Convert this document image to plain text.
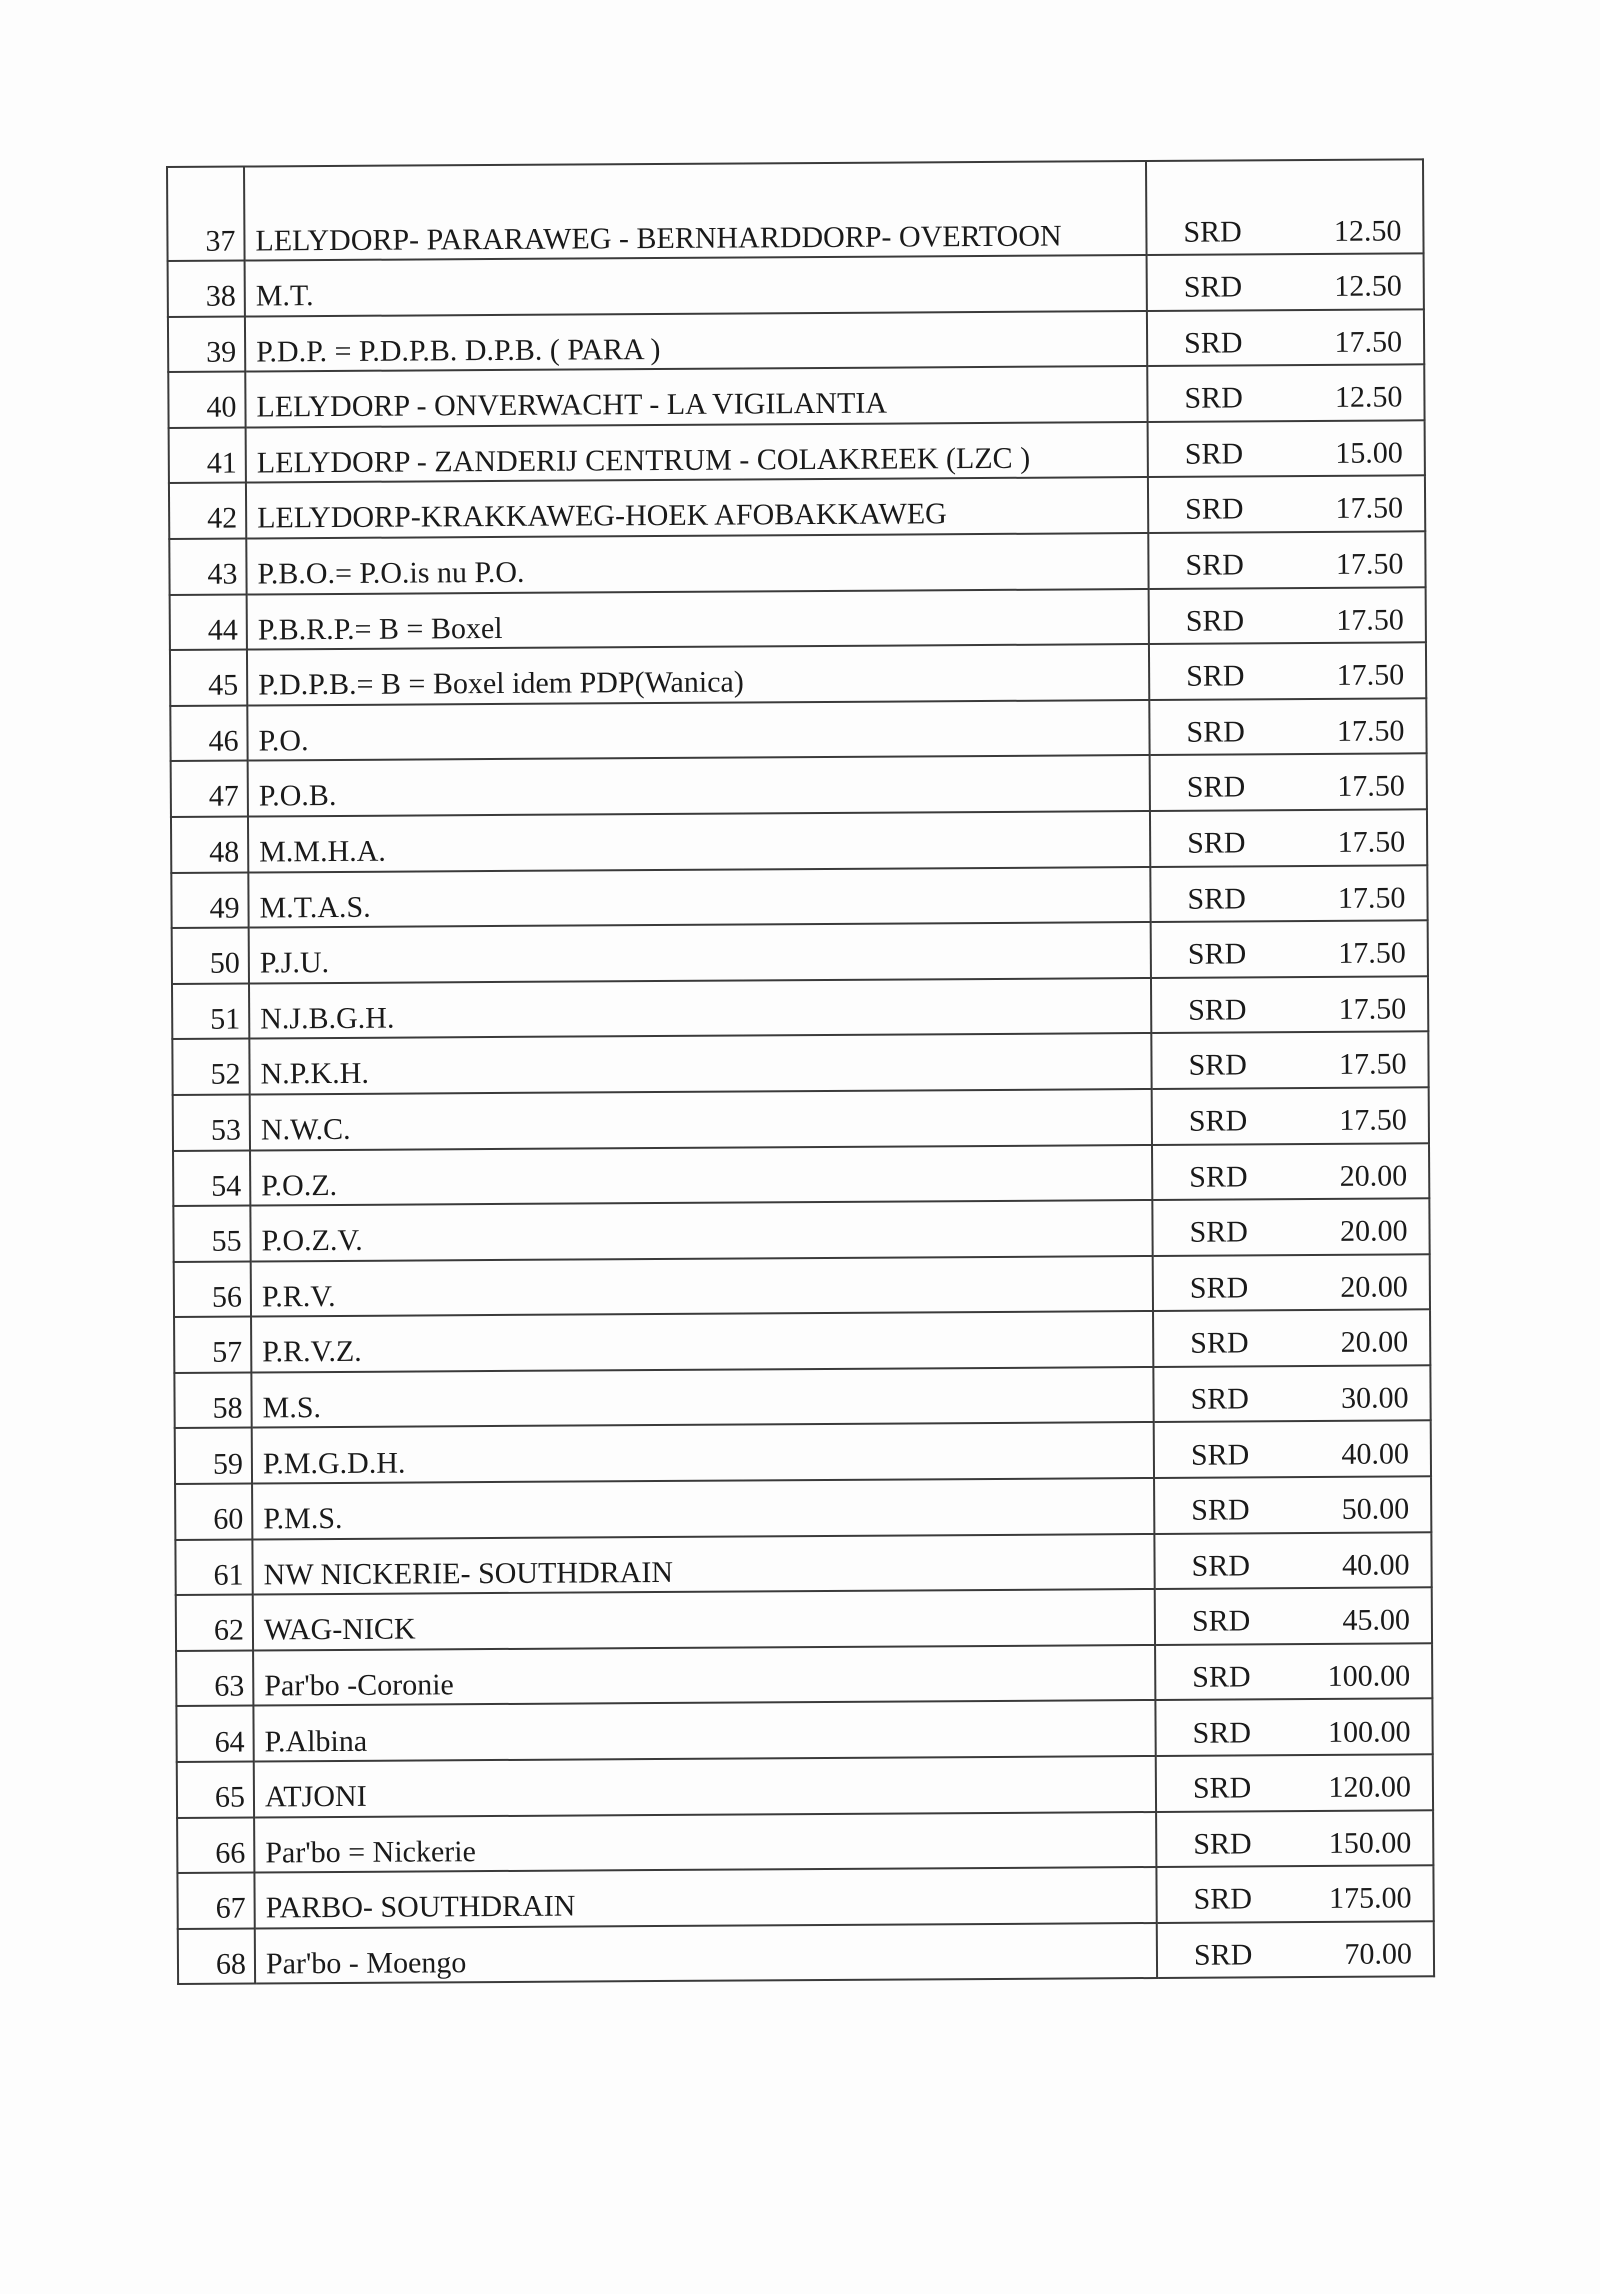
37	LELYDORP- PARARAWEG - BERNHARDDORP- OVERTOON	SRD 12.50
38	M.T.	SRD 12.50
39	P.D.P. = P.D.P.B. D.P.B. ( PARA )	SRD 17.50
40	LELYDORP - ONVERWACHT - LA VIGILANTIA	SRD 12.50
41	LELYDORP - ZANDERIJ CENTRUM - COLAKREEK (LZC )	SRD 15.00
42	LELYDORP-KRAKKAWEG-HOEK AFOBAKKAWEG	SRD 17.50
43	P.B.O.= P.O.is nu P.O.	SRD 17.50
44	P.B.R.P.= B = Boxel	SRD 17.50
45	P.D.P.B.= B = Boxel idem PDP(Wanica)	SRD 17.50
46	P.O.	SRD 17.50
47	P.O.B.	SRD 17.50
48	M.M.H.A.	SRD 17.50
49	M.T.A.S.	SRD 17.50
50	P.J.U.	SRD 17.50
51	N.J.B.G.H.	SRD 17.50
52	N.P.K.H.	SRD 17.50
53	N.W.C.	SRD 17.50
54	P.O.Z.	SRD 20.00
55	P.O.Z.V.	SRD 20.00
56	P.R.V.	SRD 20.00
57	P.R.V.Z.	SRD 20.00
58	M.S.	SRD 30.00
59	P.M.G.D.H.	SRD 40.00
60	P.M.S.	SRD 50.00
61	NW NICKERIE- SOUTHDRAIN	SRD 40.00
62	WAG-NICK	SRD 45.00
63	Par'bo -Coronie	SRD 100.00
64	P.Albina	SRD 100.00
65	ATJONI	SRD 120.00
66	Par'bo = Nickerie	SRD 150.00
67	PARBO- SOUTHDRAIN	SRD 175.00
68	Par'bo - Moengo	SRD 70.00
